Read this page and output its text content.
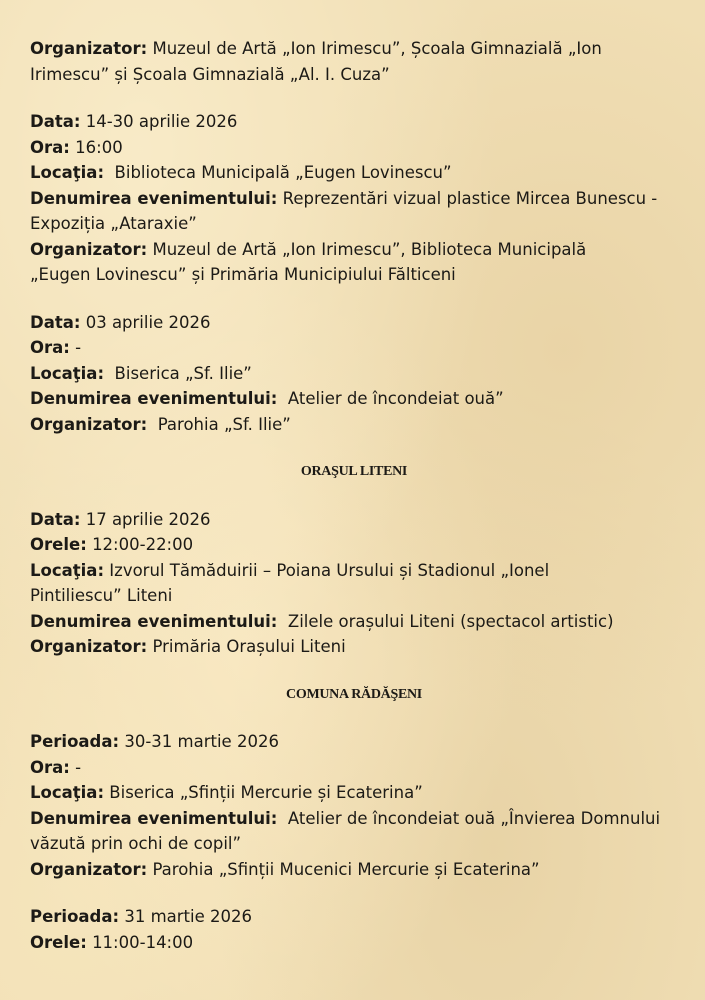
Organizator: Muzeul de Artă „Ion Irimescu”, Școala Gimnazială „Ion
Irimescu” și Școala Gimnazială „Al. I. Cuza”
Data: 14-30 aprilie 2026
Ora: 16:00
Locaţia: Biblioteca Municipală „Eugen Lovinescu”
Denumirea evenimentului: Reprezentări vizual plastice Mircea Bunescu -
Expoziția „Ataraxie”
Organizator: Muzeul de Artă „Ion Irimescu”, Biblioteca Municipală
„Eugen Lovinescu” și Primăria Municipiului Fălticeni
Data: 03 aprilie 2026
Ora: -
Locaţia: Biserica „Sf. Ilie”
Denumirea evenimentului: Atelier de încondeiat ouă”
Organizator: Parohia „Sf. Ilie”
ORAŞUL LITENI
Data: 17 aprilie 2026
Orele: 12:00-22:00
Locaţia: Izvorul Tămăduirii – Poiana Ursului și Stadionul „Ionel
Pintiliescu” Liteni
Denumirea evenimentului: Zilele orașului Liteni (spectacol artistic)
Organizator: Primăria Orașului Liteni
COMUNA RĂDĂŞENI
Perioada: 30-31 martie 2026
Ora: -
Locaţia: Biserica „Sfinții Mercurie și Ecaterina”
Denumirea evenimentului: Atelier de încondeiat ouă „Învierea Domnului
văzută prin ochi de copil”
Organizator: Parohia „Sfinții Mucenici Mercurie și Ecaterina”
Perioada: 31 martie 2026
Orele: 11:00-14:00
